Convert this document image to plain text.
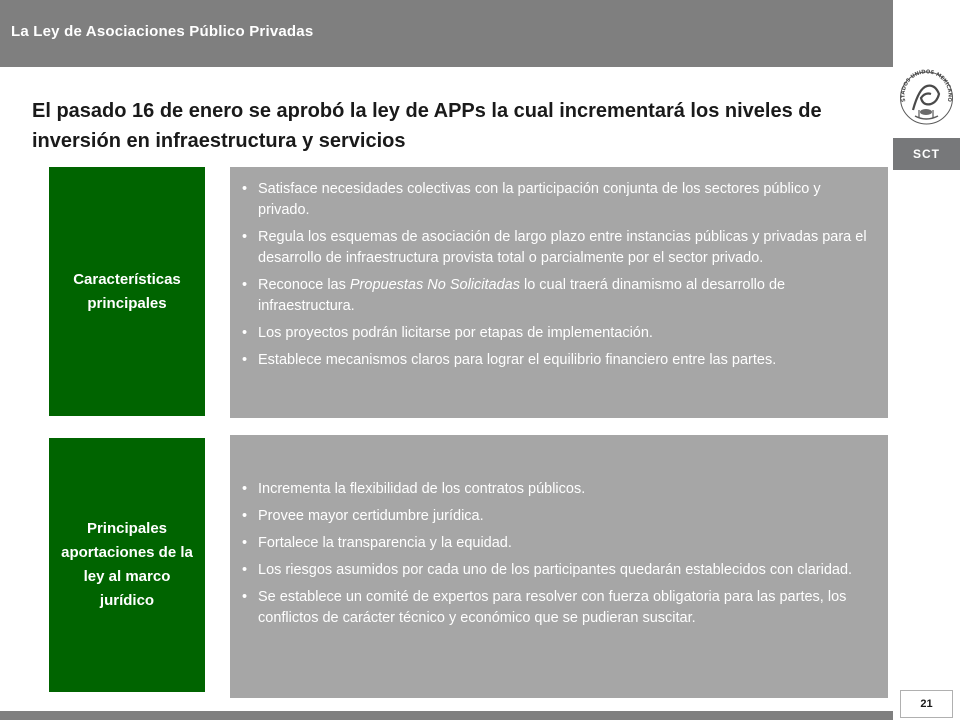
La Ley de Asociaciones Público Privadas
STADOS UNIDOS MEXICANO
SCT
El pasado 16 de enero se aprobó la ley de APPs la cual incrementará los niveles de inversión en infraestructura y servicios
Características principales
• Satisface necesidades colectivas con la participación conjunta de los sectores público y privado.
• Regula los esquemas de asociación de largo plazo entre instancias públicas y privadas para el desarrollo de infraestructura provista total o parcialmente por el sector privado.
• Reconoce las Propuestas No Solicitadas lo cual traerá dinamismo al desarrollo de infraestructura.
• Los proyectos podrán licitarse por etapas de implementación.
• Establece mecanismos claros para lograr el equilibrio financiero entre las partes.
Principales aportaciones de la ley al marco jurídico
• Incrementa la flexibilidad de los contratos públicos.
• Provee mayor certidumbre jurídica.
• Fortalece la transparencia y la equidad.
• Los riesgos asumidos por cada uno de los participantes quedarán establecidos con claridad.
• Se establece un comité de expertos para resolver con fuerza obligatoria para las partes, los conflictos de carácter técnico y económico que se pudieran suscitar.
21
